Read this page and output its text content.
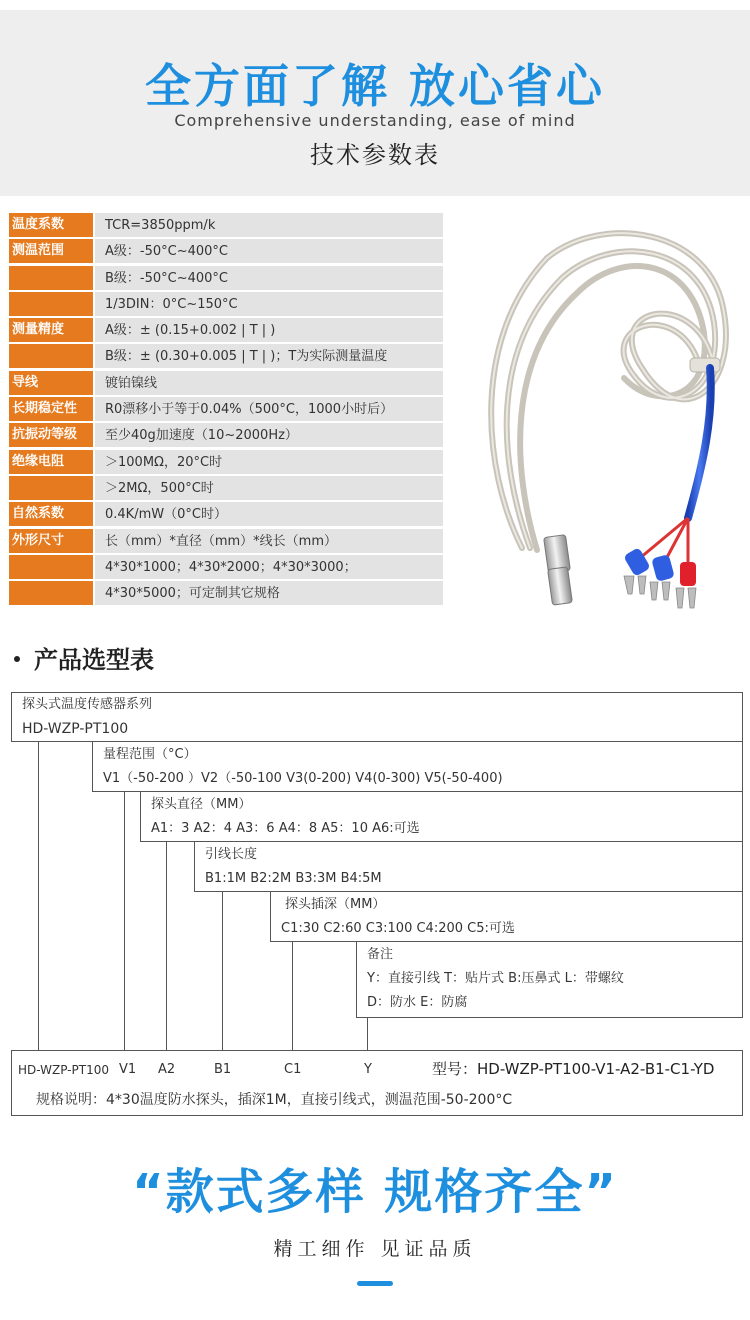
全方面了解 放心省心
Comprehensive understanding, ease of mind
技术参数表
温度系数	TCR=3850ppm/k
测温范围	A级：-50°C~400°C
B级：-50°C~400°C
1/3DIN：0°C~150°C
测量精度	A级：± (0.15+0.002 | T | )
B级：± (0.30+0.005 | T | )；T为实际测量温度
导线	镀铂镍线
长期稳定性	R0漂移小于等于0.04%（500°C，1000小时后）
抗振动等级	至少40g加速度（10~2000Hz）
绝缘电阻	＞100MΩ，20°C时
＞2MΩ，500°C时
自然系数	0.4K/mW（0°C时）
外形尺寸	长（mm）*直径（mm）*线长（mm）
4*30*1000；4*30*2000；4*30*3000；
4*30*5000；可定制其它规格
产品选型表
探头式温度传感器系列
HD-WZP-PT100
量程范围（°C）
V1（-50-200 ）V2（-50-100 V3(0-200) V4(0-300) V5(-50-400)
探头直径（MM）
A1：3 A2：4 A3：6 A4：8 A5：10 A6:可选
引线长度
B1:1M B2:2M B3:3M B4:5M
探头插深（MM）
C1:30 C2:60 C3:100 C4:200 C5:可选
备注
Y：直接引线 T：贴片式 B:压鼻式 L：带螺纹
D：防水 E：防腐
HD-WZP-PT100 V1 A2	B1	C1	Y	型号：HD-WZP-PT100-V1-A2-B1-C1-YD
规格说明：4*30温度防水探头，插深1M，直接引线式，测温范围-50-200°C
“款式多样 规格齐全”
精工细作 见证品质
